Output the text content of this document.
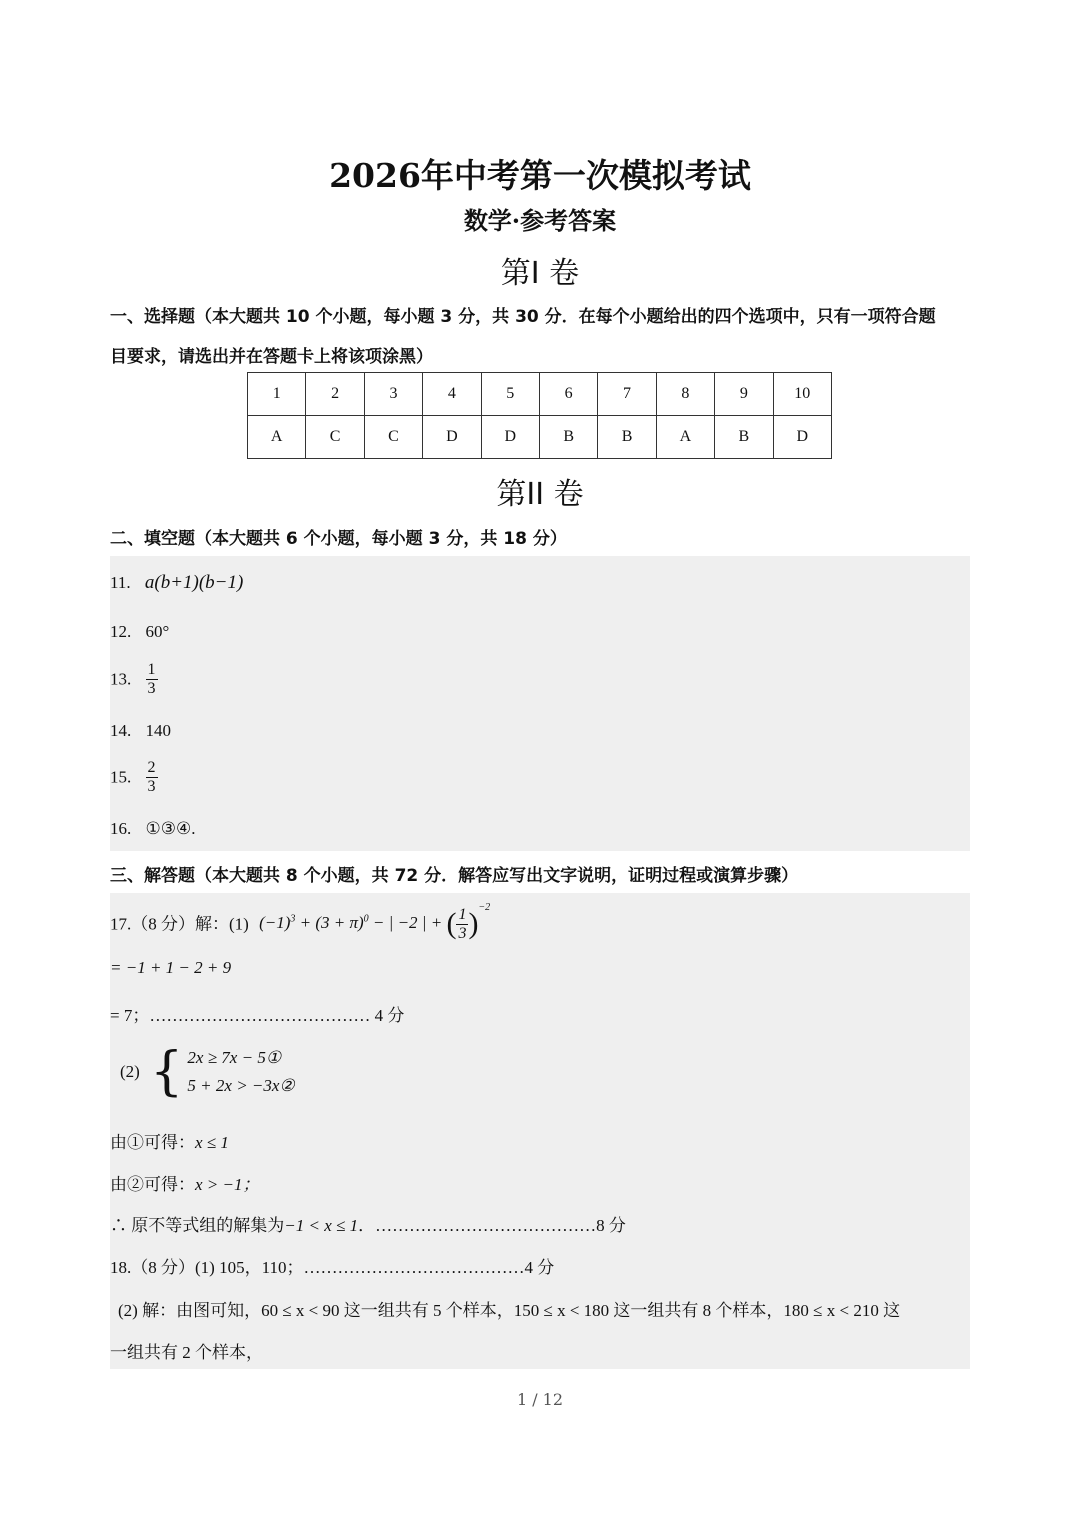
2026年中考第一次模拟考试
数学·参考答案
第I 卷
一、选择题（本大题共 10 个小题，每小题 3 分，共 30 分．在每个小题给出的四个选项中，只有一项符合题
目要求，请选出并在答题卡上将该项涂黑）
1	2	3	4	5	6	7	8	9	10
A	C	C	D	D	B	B	A	B	D
第II 卷
二、填空题（本大题共 6 个小题，每小题 3 分，共 18 分）
11. a(b+1)(b−1)
12. 60°
13. $\frac{1}{3}$
14. 140
15. $\frac{2}{3}$
16. ①③④.
三、解答题（本大题共 8 个小题，共 72 分．解答应写出文字说明，证明过程或演算步骤）
17.（8 分）解：(1) $(-1)^3 + (3 + \pi)^0$ − | −2 | + ( $\frac{1}{3} )^{-2}$
= −1 + 1 − 2 + 9
= 7；………………………………… 4 分
(2) { 2x ≥ 7x − 5①
5 + 2x > −3x②
由①可得：x ≤ 1
由②可得：x > −1；
∴ 原不等式组的解集为−1 < x ≤ 1．…………………………………8 分
18.（8 分）(1) 105，110；…………………………………4 分
(2) 解：由图可知，60 ≤ x < 90 这一组共有 5 个样本，150 ≤ x < 180 这一组共有 8 个样本，180 ≤ x < 210 这
一组共有 2 个样本，
1 / 12
